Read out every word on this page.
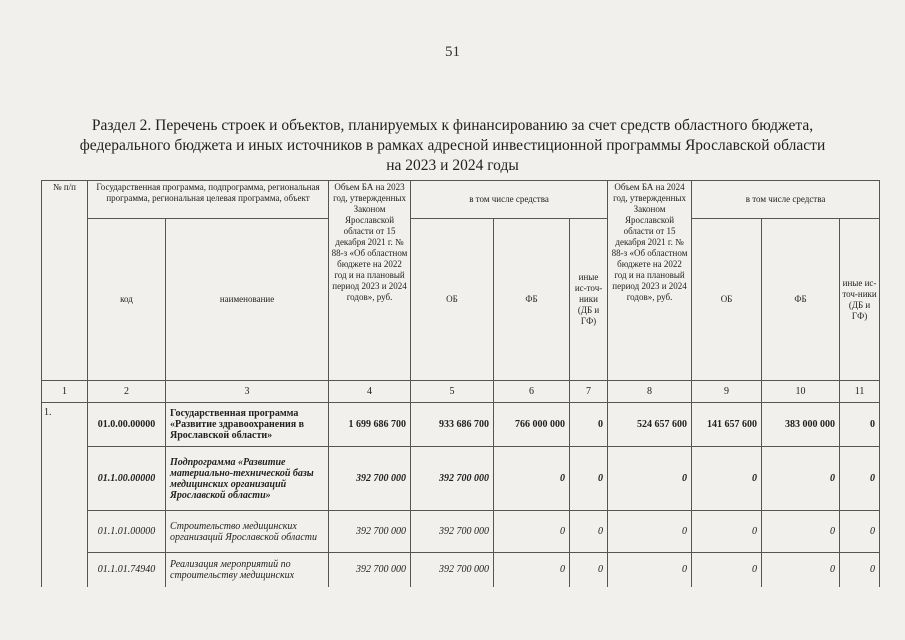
51
Раздел 2. Перечень строек и объектов, планируемых к финансированию за счет средств областного бюджета,
федерального бюджета и иных источников в рамках адресной инвестиционной программы Ярославской области
на 2023 и 2024 годы
№ п/п	Государственная программа, подпрограмма, региональная программа, региональная целевая программа, объект		Объем БА на 2023 год, утвержденных Законом Ярославской области от 15 декабря 2021 г. № 88-з «Об областном бюджете на 2022 год и на плановый период 2023 и 2024 годов», руб.	в том числе средства			Объем БА на 2024 год, утвержденных Законом Ярославской области от 15 декабря 2021 г. № 88-з «Об областном бюджете на 2022 год и на плановый период 2023 и 2024 годов», руб.	в том числе средства		
	код	наименование		ОБ	ФБ	иные ис-точ-ники (ДБ и ГФ)		ОБ	ФБ	иные ис-точ-ники (ДБ и ГФ)
1	2	3	4	5	6	7	8	9	10	11
1.	01.0.00.00000	Государственная программа «Развитие здравоохранения в Ярославской области»	1 699 686 700	933 686 700	766 000 000	0	524 657 600	141 657 600	383 000 000	0
	01.1.00.00000	Подпрограмма «Развитие материально-технической базы медицинских организаций Ярославской области»	392 700 000	392 700 000	0	0	0	0	0	0
	01.1.01.00000	Строительство медицинских организаций Ярославской области	392 700 000	392 700 000	0	0	0	0	0	0
	01.1.01.74940	Реализация мероприятий по строительству медицинских	392 700 000	392 700 000	0	0	0	0	0	0
